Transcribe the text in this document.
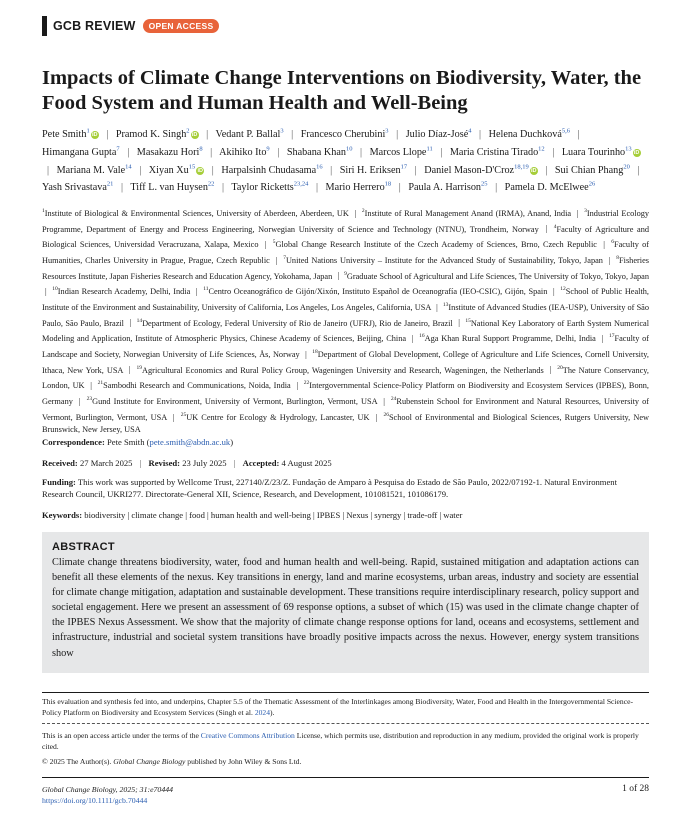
GCB REVIEW	OPEN ACCESS
Impacts of Climate Change Interventions on Biodiversity, Water, the Food System and Human Health and Well-Being
Pete Smith$^1$iD | Pramod K. Singh$^2$iD | Vedant P. Ballal$^3$ | Francesco Cherubini$^3$ | Julio Díaz-José$^4$ | Helena Duchková$^{5,6}$ | Himangana Gupta$^7$ | Masakazu Hori$^8$ | Akihiko Ito$^9$ | Shabana Khan$^{10}$ | Marcos Llope$^{11}$ | Maria Cristina Tirado$^{12}$ | Luara Tourinho$^{13}$iD | Mariana M. Vale$^{14}$ | Xiyan Xu$^{15}$iD | Harpalsinh Chudasama$^{16}$ | Siri H. Eriksen$^{17}$ | Daniel Mason-D'Croz$^{18,19}$iD | Sui Chian Phang$^{20}$ | Yash Srivastava$^{21}$ | Tiff L. van Huysen$^{22}$ | Taylor Ricketts$^{23,24}$ | Mario Herrero$^{18}$ | Paula A. Harrison$^{25}$ | Pamela D. McElwee$^{26}$
$^1$Institute of Biological & Environmental Sciences, University of Aberdeen, Aberdeen, UK | $^2$Institute of Rural Management Anand (IRMA), Anand, India | $^3$Industrial Ecology Programme, Department of Energy and Process Engineering, Norwegian University of Science and Technology (NTNU), Trondheim, Norway | $^4$Faculty of Agriculture and Biological Sciences, Universidad Veracruzana, Xalapa, Mexico | $^5$Global Change Research Institute of the Czech Academy of Sciences, Brno, Czech Republic | $^6$Faculty of Humanities, Charles University in Prague, Prague, Czech Republic | $^7$United Nations University – Institute for the Advanced Study of Sustainability, Tokyo, Japan | $^8$Fisheries Resources Institute, Japan Fisheries Research and Education Agency, Yokohama, Japan | $^9$Graduate School of Agricultural and Life Sciences, The University of Tokyo, Tokyo, Japan | $^{10}$Indian Research Academy, Delhi, India | $^{11}$Centro Oceanográfico de Gijón/Xixón, Instituto Español de Oceanografía (IEO-CSIC), Gijón, Spain | $^{12}$School of Public Health, Institute of the Environment and Sustainability, University of California, Los Angeles, Los Angeles, California, USA | $^{13}$Institute of Advanced Studies (IEA-USP), University of São Paulo, São Paulo, Brazil | $^{14}$Department of Ecology, Federal University of Rio de Janeiro (UFRJ), Rio de Janeiro, Brazil | $^{15}$National Key Laboratory of Earth System Numerical Modeling and Application, Institute of Atmospheric Physics, Chinese Academy of Sciences, Beijing, China | $^{16}$Aga Khan Rural Support Programme, Delhi, India | $^{17}$Faculty of Landscape and Society, Norwegian University of Life Sciences, Ås, Norway | $^{18}$Department of Global Development, College of Agriculture and Life Sciences, Cornell University, Ithaca, New York, USA | $^{19}$Agricultural Economics and Rural Policy Group, Wageningen University and Research, Wageningen, the Netherlands | $^{20}$The Nature Conservancy, London, UK | $^{21}$Sambodhi Research and Communications, Noida, India | $^{22}$Intergovernmental Science-Policy Platform on Biodiversity and Ecosystem Services (IPBES), Bonn, Germany | $^{23}$Gund Institute for Environment, University of Vermont, Burlington, Vermont, USA | $^{24}$Rubenstein School for Environment and Natural Resources, University of Vermont, Burlington, Vermont, USA | $^{25}$UK Centre for Ecology & Hydrology, Lancaster, UK | $^{26}$School of Environmental and Biological Sciences, Rutgers University, New Brunswick, New Jersey, USA
Correspondence: Pete Smith (pete.smith@abdn.ac.uk)
Received: 27 March 2025 | Revised: 23 July 2025 | Accepted: 4 August 2025
Funding: This work was supported by Wellcome Trust, 227140/Z/23/Z. Fundação de Amparo à Pesquisa do Estado de São Paulo, 2022/07192-1. Natural Environment Research Council, UKRI277. Directorate-General XII, Science, Research, and Development, 101081521, 101086179.
Keywords: biodiversity | climate change | food | human health and well-being | IPBES | Nexus | synergy | trade-off | water
ABSTRACT
Climate change threatens biodiversity, water, food and human health and well-being. Rapid, sustained mitigation and adaptation actions can benefit all these elements of the nexus. Key transitions in energy, land and marine ecosystems, urban areas, industry and society are essential for climate change mitigation, adaptation and sustainable development. These transitions require interdisciplinary research, policy support and societal engagement. Here we present an assessment of 69 response options, a subset of which (15) was used in the climate change chapter of the IPBES Nexus Assessment. We show that the majority of climate change response options for land, oceans and ecosystems, settlement and infrastructure, industrial and societal system transitions have broadly positive impacts across the nexus. However, energy system transitions show
This evaluation and synthesis fed into, and underpins, Chapter 5.5 of the Thematic Assessment of the Interlinkages among Biodiversity, Water, Food and Health in the Intergovernmental Science-Policy Platform on Biodiversity and Ecosystem Services (Singh et al. 2024).
This is an open access article under the terms of the Creative Commons Attribution License, which permits use, distribution and reproduction in any medium, provided the original work is properly cited.
© 2025 The Author(s). Global Change Biology published by John Wiley & Sons Ltd.
Global Change Biology, 2025; 31:e70444
https://doi.org/10.1111/gcb.70444
1 of 28
